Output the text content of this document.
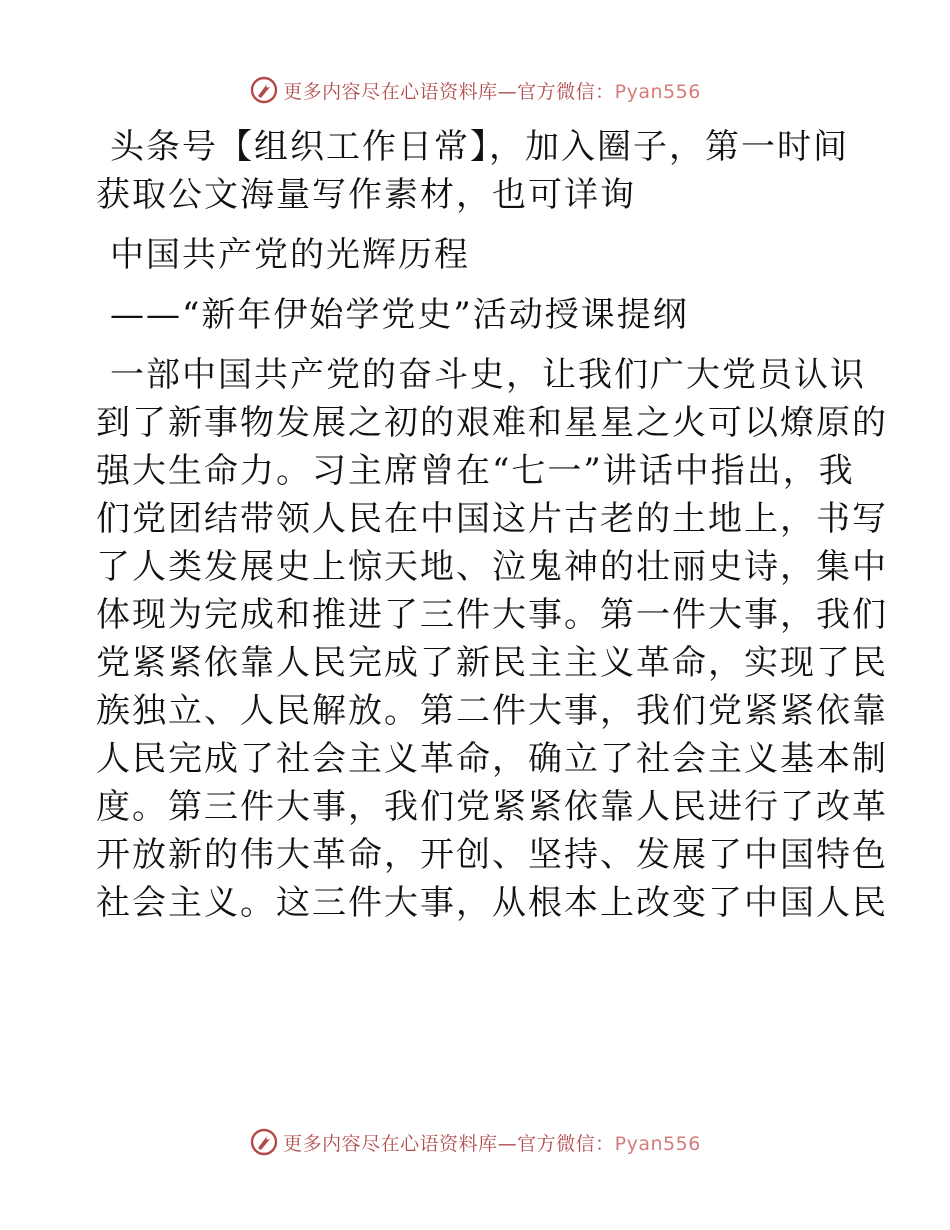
更多内容尽在心语资料库—官方微信：Pyan556
头条号【组织工作日常】，加入圈子，第一时间
获取公文海量写作素材，也可详询
中国共产党的光辉历程
——“新年伊始学党史”活动授课提纲
一部中国共产党的奋斗史，让我们广大党员认识
到了新事物发展之初的艰难和星星之火可以燎原的
强大生命力。习主席曾在“七一”讲话中指出，我
们党团结带领人民在中国这片古老的土地上，书写
了人类发展史上惊天地、泣鬼神的壮丽史诗，集中
体现为完成和推进了三件大事。第一件大事，我们
党紧紧依靠人民完成了新民主主义革命，实现了民
族独立、人民解放。第二件大事，我们党紧紧依靠
人民完成了社会主义革命，确立了社会主义基本制
度。第三件大事，我们党紧紧依靠人民进行了改革
开放新的伟大革命，开创、坚持、发展了中国特色
社会主义。这三件大事，从根本上改变了中国人民
更多内容尽在心语资料库—官方微信：Pyan556
